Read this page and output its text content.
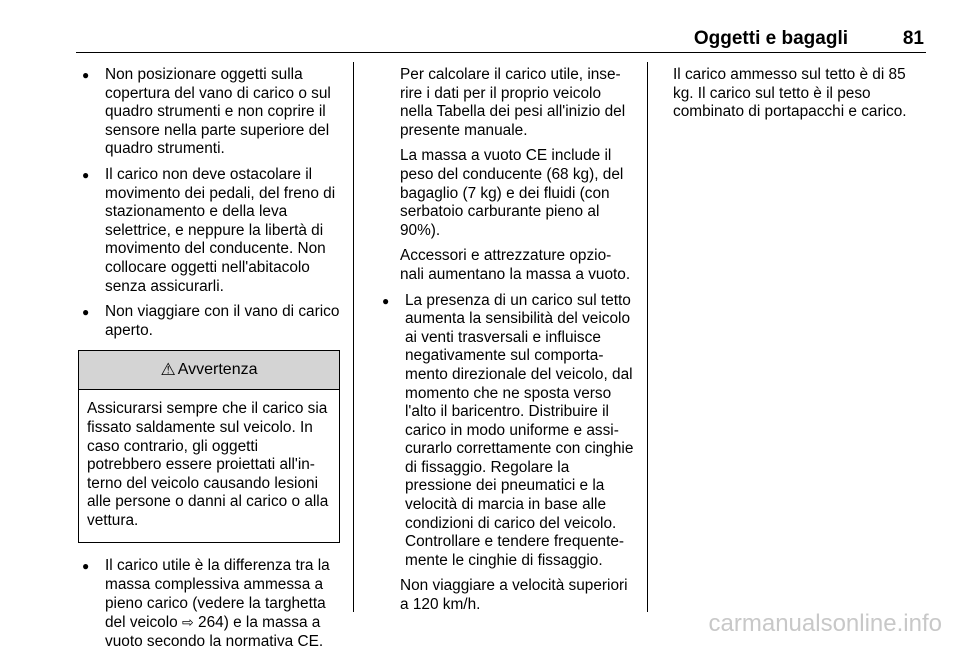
Oggetti e bagagli	81
● Non posizionare oggetti sulla copertura del vano di carico o sul quadro strumenti e non coprire il sensore nella parte superiore del quadro strumenti.
● Il carico non deve ostacolare il movimento dei pedali, del freno di stazionamento e della leva selettrice, e neppure la libertà di movimento del conducente. Non collocare oggetti nell'abitacolo senza assicurarli.
● Non viaggiare con il vano di carico aperto.
⚠ Avvertenza
Assicurarsi sempre che il carico sia fissato saldamente sul veicolo. In caso contrario, gli oggetti potrebbero essere proiettati all'in-terno del veicolo causando lesioni alle persone o danni al carico o alla vettura.
● Il carico utile è la differenza tra la massa complessiva ammessa a pieno carico (vedere la targhetta del veicolo ⇨ 264) e la massa a vuoto secondo la normativa CE.
Per calcolare il carico utile, inse-rire i dati per il proprio veicolo nella Tabella dei pesi all'inizio del presente manuale.
La massa a vuoto CE include il peso del conducente (68 kg), del bagaglio (7 kg) e dei fluidi (con serbatoio carburante pieno al 90%).
Accessori e attrezzature opzio-nali aumentano la massa a vuoto.
● La presenza di un carico sul tetto aumenta la sensibilità del veicolo ai venti trasversali e influisce negativamente sul comporta-mento direzionale del veicolo, dal momento che ne sposta verso l'alto il baricentro. Distribuire il carico in modo uniforme e assi-curarlo correttamente con cinghie di fissaggio. Regolare la pressione dei pneumatici e la velocità di marcia in base alle condizioni di carico del veicolo. Controllare e tendere frequente-mente le cinghie di fissaggio.
Non viaggiare a velocità superiori a 120 km/h.
Il carico ammesso sul tetto è di 85 kg. Il carico sul tetto è il peso combinato di portapacchi e carico.
carmanualsonline.info
